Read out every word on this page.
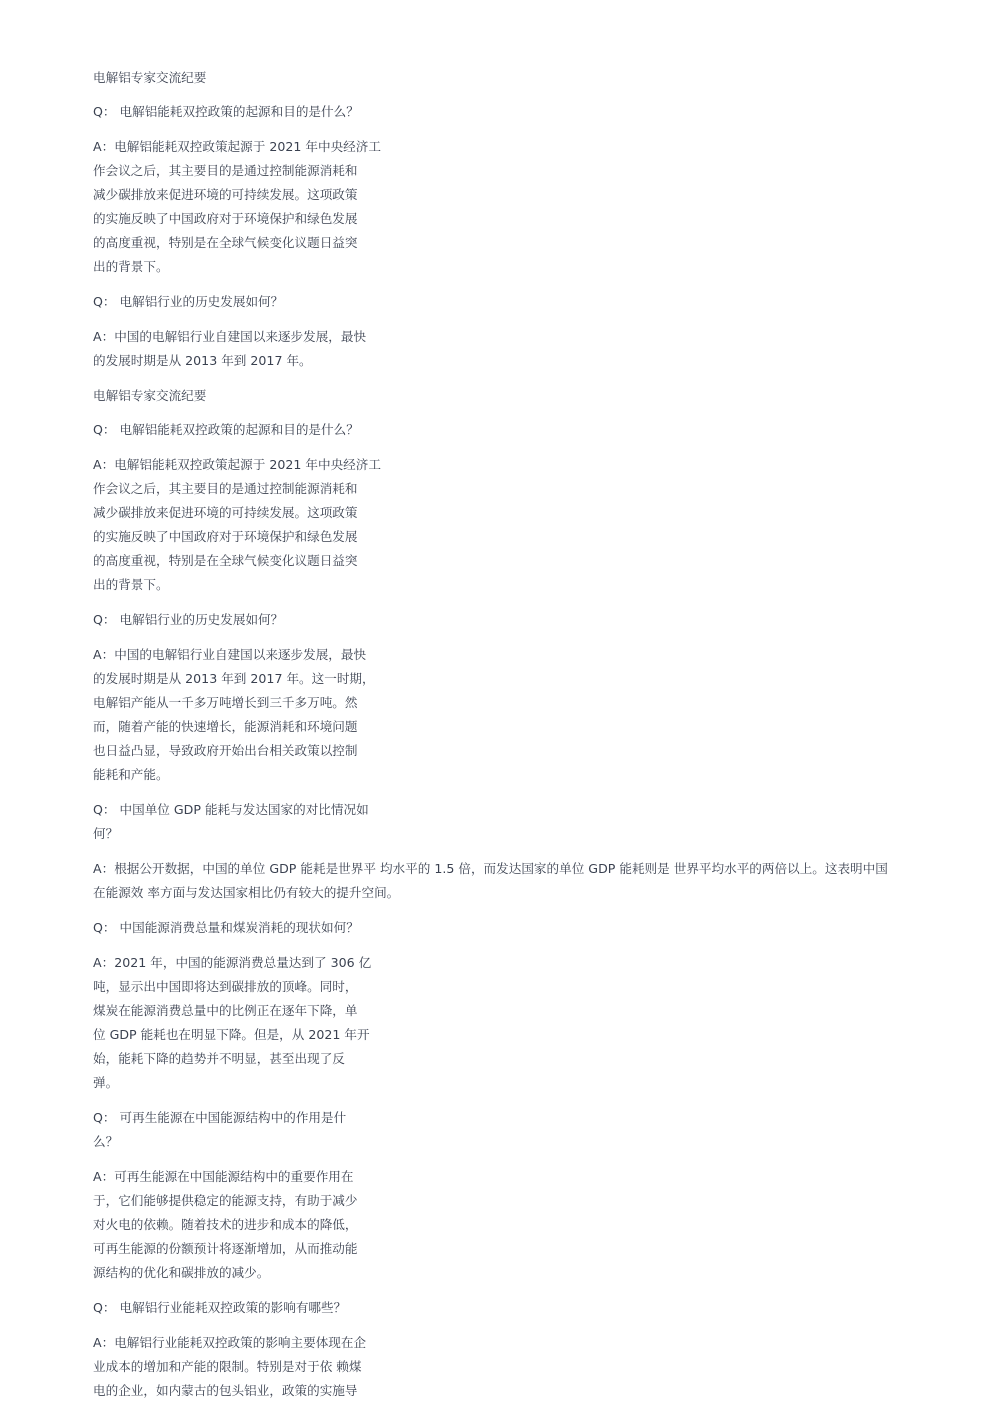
电解铝专家交流纪要
Q： 电解铝能耗双控政策的起源和目的是什么？
A：电解铝能耗双控政策起源于 2021 年中央经济工
作会议之后，其主要目的是通过控制能源消耗和
减少碳排放来促进环境的可持续发展。这项政策
的实施反映了中国政府对于环境保护和绿色发展
的高度重视，特别是在全球气候变化议题日益突
出的背景下。
Q： 电解铝行业的历史发展如何？
A：中国的电解铝行业自建国以来逐步发展，最快
的发展时期是从 2013 年到 2017 年。
电解铝专家交流纪要
Q： 电解铝能耗双控政策的起源和目的是什么？
A：电解铝能耗双控政策起源于 2021 年中央经济工
作会议之后，其主要目的是通过控制能源消耗和
减少碳排放来促进环境的可持续发展。这项政策
的实施反映了中国政府对于环境保护和绿色发展
的高度重视，特别是在全球气候变化议题日益突
出的背景下。
Q： 电解铝行业的历史发展如何？
A：中国的电解铝行业自建国以来逐步发展，最快
的发展时期是从 2013 年到 2017 年。这一时期，
电解铝产能从一千多万吨增长到三千多万吨。然
而，随着产能的快速增长，能源消耗和环境问题
也日益凸显，导致政府开始出台相关政策以控制
能耗和产能。
Q： 中国单位 GDP 能耗与发达国家的对比情况如
何？
A：根据公开数据，中国的单位 GDP 能耗是世界平 均水平的 1.5 倍，而发达国家的单位 GDP 能耗则是 世界平均水平的两倍以上。这表明中国
在能源效 率方面与发达国家相比仍有较大的提升空间。
Q： 中国能源消费总量和煤炭消耗的现状如何？
A：2021 年，中国的能源消费总量达到了 306 亿
吨，显示出中国即将达到碳排放的顶峰。同时，
煤炭在能源消费总量中的比例正在逐年下降，单
位 GDP 能耗也在明显下降。但是，从 2021 年开
始，能耗下降的趋势并不明显，甚至出现了反
弹。
Q： 可再生能源在中国能源结构中的作用是什
么？
A：可再生能源在中国能源结构中的重要作用在
于，它们能够提供稳定的能源支持，有助于减少
对火电的依赖。随着技术的进步和成本的降低，
可再生能源的份额预计将逐渐增加，从而推动能
源结构的优化和碳排放的减少。
Q： 电解铝行业能耗双控政策的影响有哪些？
A：电解铝行业能耗双控政策的影响主要体现在企
业成本的增加和产能的限制。特别是对于依 赖煤
电的企业，如内蒙古的包头铝业，政策的实施导
